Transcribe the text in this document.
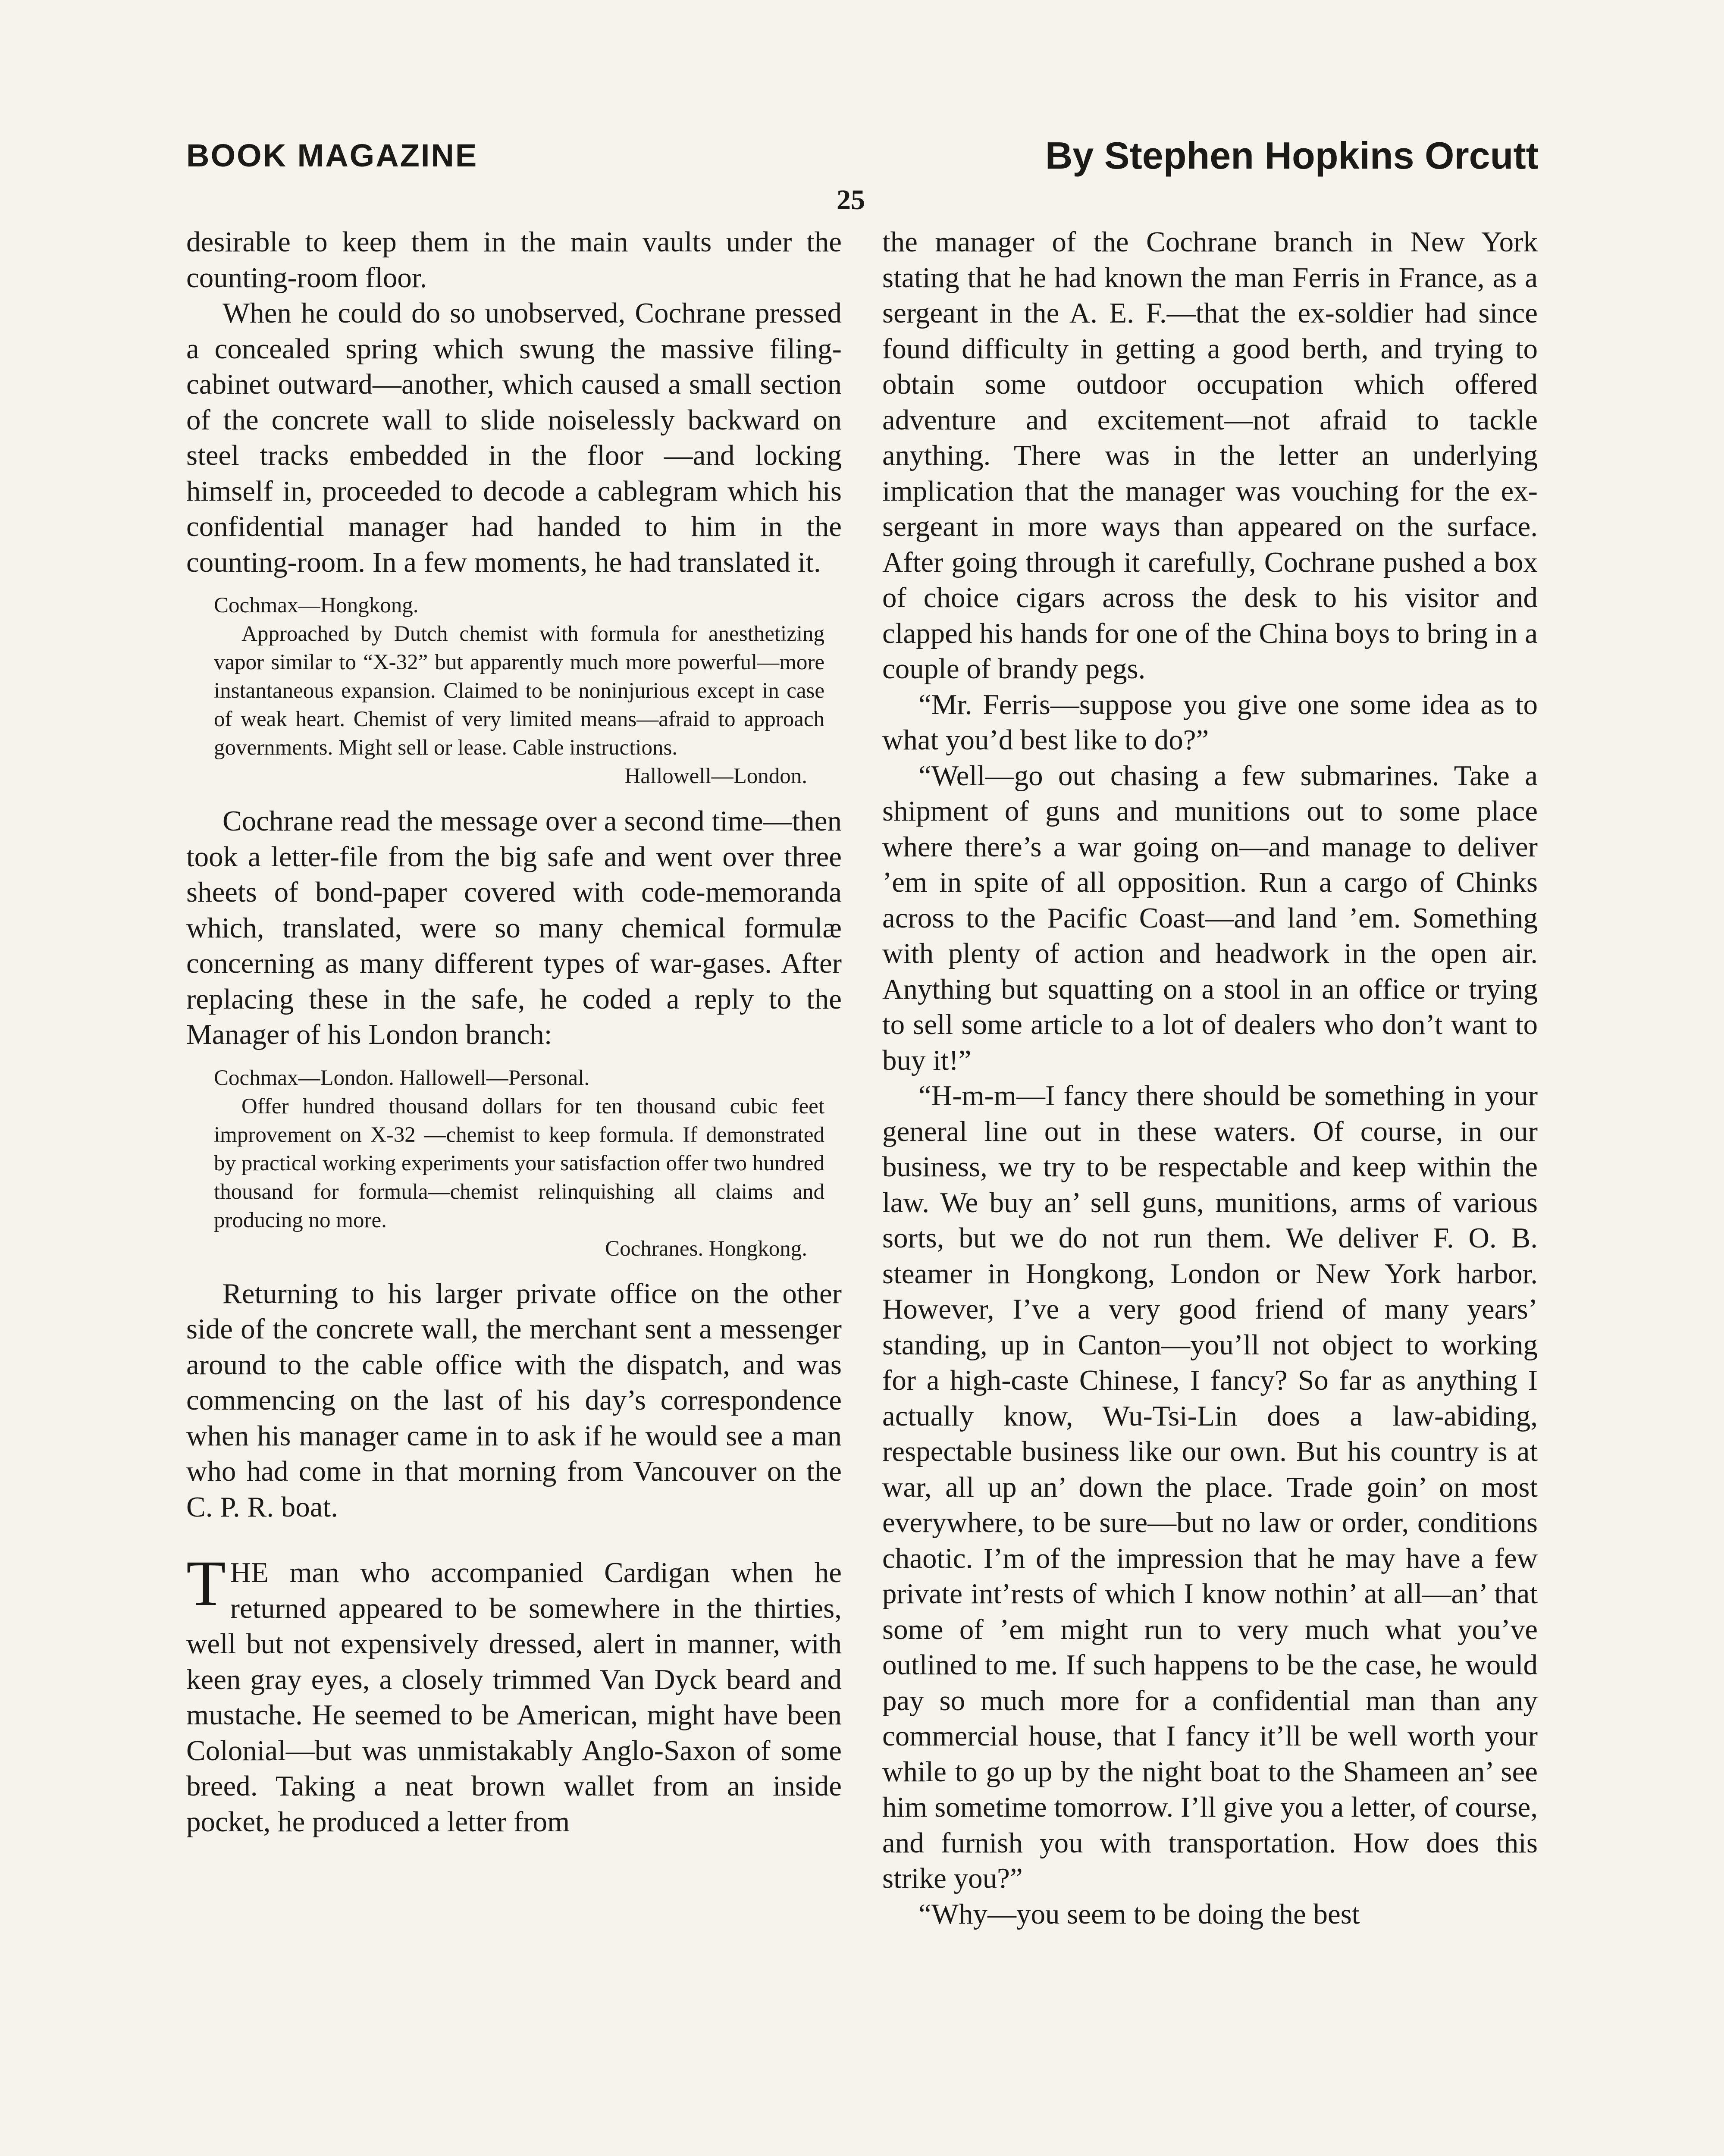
BOOK MAGAZINE	By Stephen Hopkins Orcutt
25

desirable to keep them in the main vaults under the counting-room floor.

When he could do so unobserved, Cochrane pressed a concealed spring which swung the massive filing-cabinet outward—another, which caused a small section of the concrete wall to slide noiselessly backward on steel tracks embedded in the floor —and locking himself in, proceeded to decode a cablegram which his confidential manager had handed to him in the counting-room. In a few moments, he had translated it.

Cochmax—Hongkong.

Approached by Dutch chemist with formula for anesthetizing vapor similar to “X-32” but apparently much more powerful—more instantaneous expansion. Claimed to be noninjurious except in case of weak heart. Chemist of very limited means—afraid to approach governments. Might sell or lease. Cable instructions.

Hallowell—London.

Cochrane read the message over a second time—then took a letter-file from the big safe and went over three sheets of bond-paper covered with code-memoranda which, translated, were so many chemical formulæ concerning as many different types of war-gases. After replacing these in the safe, he coded a reply to the Manager of his London branch:

Cochmax—London. Hallowell—Personal.

Offer hundred thousand dollars for ten thousand cubic feet improvement on X-32 —chemist to keep formula. If demonstrated by practical working experiments your satisfaction offer two hundred thousand for formula—chemist relinquishing all claims and producing no more.

Cochranes. Hongkong.

Returning to his larger private office on the other side of the concrete wall, the merchant sent a messenger around to the cable office with the dispatch, and was commencing on the last of his day’s correspondence when his manager came in to ask if he would see a man who had come in that morning from Vancouver on the C. P. R. boat.

THE man who accompanied Cardigan when he returned appeared to be somewhere in the thirties, well but not expensively dressed, alert in manner, with keen gray eyes, a closely trimmed Van Dyck beard and mustache. He seemed to be American, might have been Colonial—but was unmistakably Anglo-Saxon of some breed. Taking a neat brown wallet from an inside pocket, he produced a letter from

the manager of the Cochrane branch in New York stating that he had known the man Ferris in France, as a sergeant in the A. E. F.—that the ex-soldier had since found difficulty in getting a good berth, and trying to obtain some outdoor occupation which offered adventure and excitement—not afraid to tackle anything. There was in the letter an underlying implication that the manager was vouching for the ex-sergeant in more ways than appeared on the surface. After going through it carefully, Cochrane pushed a box of choice cigars across the desk to his visitor and clapped his hands for one of the China boys to bring in a couple of brandy pegs.

“Mr. Ferris—suppose you give one some idea as to what you’d best like to do?”

“Well—go out chasing a few submarines. Take a shipment of guns and munitions out to some place where there’s a war going on—and manage to deliver ’em in spite of all opposition. Run a cargo of Chinks across to the Pacific Coast—and land ’em. Something with plenty of action and headwork in the open air. Anything but squatting on a stool in an office or trying to sell some article to a lot of dealers who don’t want to buy it!”

“H-m-m—I fancy there should be something in your general line out in these waters. Of course, in our business, we try to be respectable and keep within the law. We buy an’ sell guns, munitions, arms of various sorts, but we do not run them. We deliver F. O. B. steamer in Hongkong, London or New York harbor. However, I’ve a very good friend of many years’ standing, up in Canton—you’ll not object to working for a high-caste Chinese, I fancy? So far as anything I actually know, Wu-Tsi-Lin does a law-abiding, respectable business like our own. But his country is at war, all up an’ down the place. Trade goin’ on most everywhere, to be sure—but no law or order, conditions chaotic. I’m of the impression that he may have a few private int’rests of which I know nothin’ at all—an’ that some of ’em might run to very much what you’ve outlined to me. If such happens to be the case, he would pay so much more for a confidential man than any commercial house, that I fancy it’ll be well worth your while to go up by the night boat to the Shameen an’ see him sometime tomorrow. I’ll give you a letter, of course, and furnish you with transportation. How does this strike you?”

“Why—you seem to be doing the best
